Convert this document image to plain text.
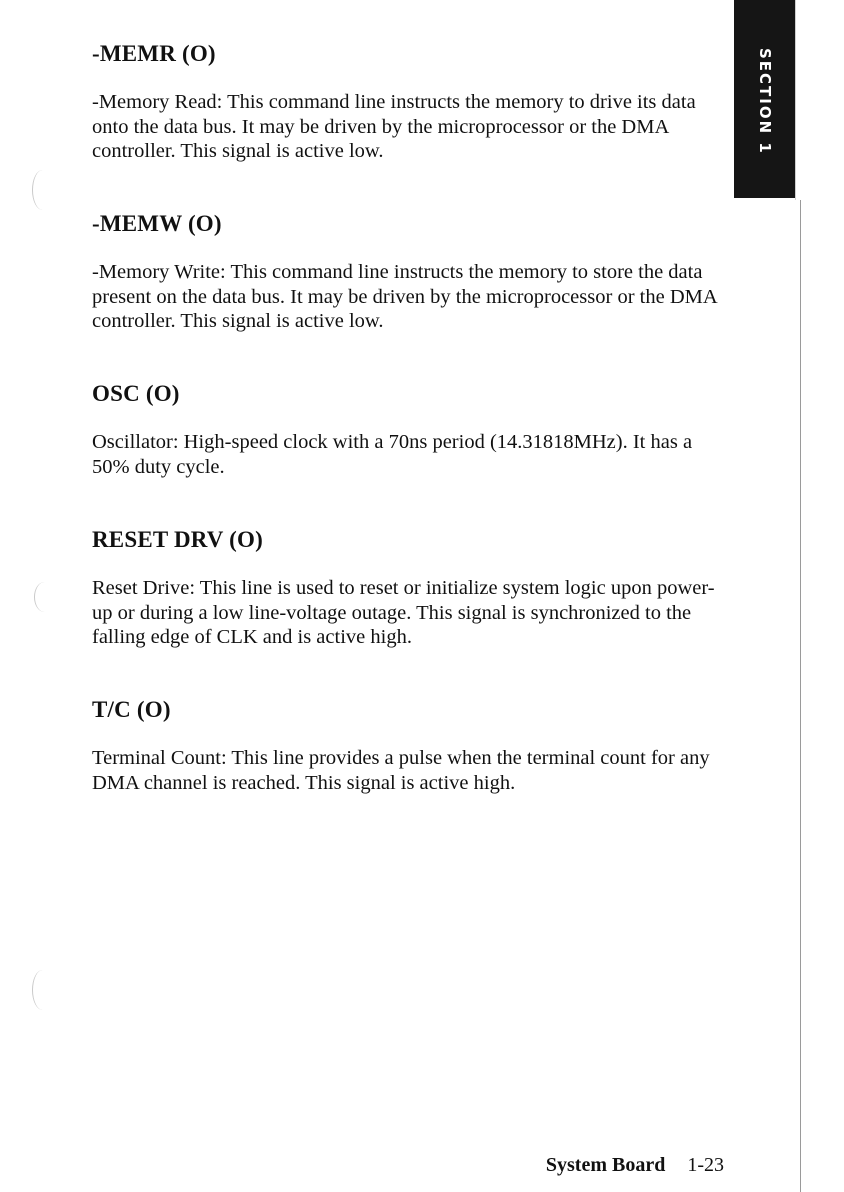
SECTION 1
-MEMR (O)

-Memory Read: This command line instructs the memory to drive its data onto the data bus. It may be driven by the microprocessor or the DMA controller. This signal is active low.

-MEMW (O)

-Memory Write: This command line instructs the memory to store the data present on the data bus. It may be driven by the microprocessor or the DMA controller. This signal is active low.

OSC (O)

Oscillator: High-speed clock with a 70ns period (14.31818MHz). It has a 50% duty cycle.

RESET DRV (O)

Reset Drive: This line is used to reset or initialize system logic upon power-up or during a low line-voltage outage. This signal is synchronized to the falling edge of CLK and is active high.

T/C (O)

Terminal Count: This line provides a pulse when the terminal count for any DMA channel is reached. This signal is active high.

System Board 1-23
